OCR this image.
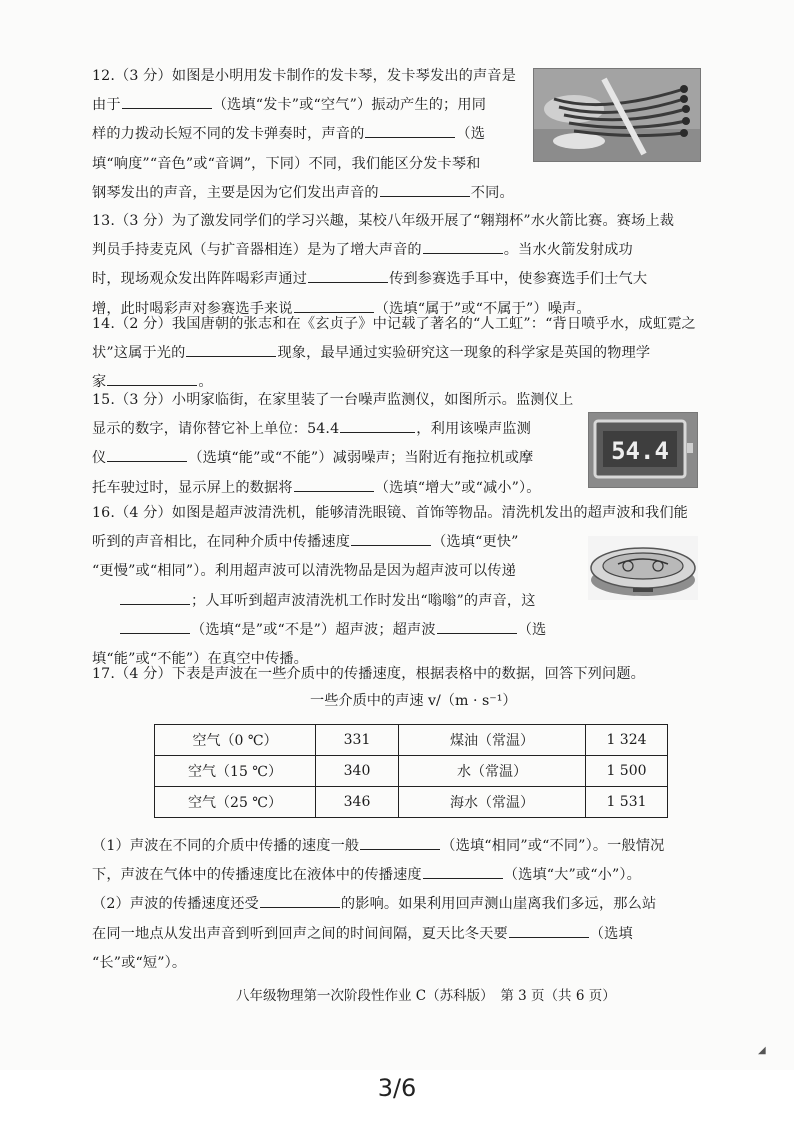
12.（3 分）如图是小明用发卡制作的发卡琴，发卡琴发出的声音是
由于	（选填“发卡”或“空气”）振动产生的；用同
样的力拨动长短不同的发卡弹奏时，声音的	（选
填“响度”“音色”或“音调”，下同）不同，我们能区分发卡琴和
钢琴发出的声音，主要是因为它们发出声音的	不同。
13.（3 分）为了激发同学们的学习兴趣，某校八年级开展了“翱翔杯”水火箭比赛。赛场上裁
判员手持麦克风（与扩音器相连）是为了增大声音的	。当水火箭发射成功
时，现场观众发出阵阵喝彩声通过	传到参赛选手耳中，使参赛选手们士气大
增，此时喝彩声对参赛选手来说	（选填“属于”或“不属于”）噪声。
14.（2 分）我国唐朝的张志和在《玄贞子》中记载了著名的“人工虹”：“背日喷乎水，成虹霓之
状”这属于光的	现象，最早通过实验研究这一现象的科学家是英国的物理学
家	。
15.（3 分）小明家临街，在家里装了一台噪声监测仪，如图所示。监测仪上
显示的数字，请你替它补上单位：54.4	，利用该噪声监测
仪	（选填“能”或“不能”）减弱噪声；当附近有拖拉机或摩
托车驶过时，显示屏上的数据将	（选填“增大”或“减小”）。
54.4
16.（4 分）如图是超声波清洗机，能够清洗眼镜、首饰等物品。清洗机发出的超声波和我们能
听到的声音相比，在同种介质中传播速度	（选填“更快”
“更慢”或“相同”）。利用超声波可以清洗物品是因为超声波可以传递
；人耳听到超声波清洗机工作时发出“嗡嗡”的声音，这
（选填“是”或“不是”）超声波；超声波	（选
填“能”或“不能”）在真空中传播。
17.（4 分）下表是声波在一些介质中的传播速度，根据表格中的数据，回答下列问题。
一些介质中的声速 v/（m · s⁻¹）
空气（0 ℃）	331	煤油（常温）	1 324
空气（15 ℃）	340	水（常温）	1 500
空气（25 ℃）	346	海水（常温）	1 531
（1）声波在不同的介质中传播的速度一般	（选填“相同”或“不同”）。一般情况
下，声波在气体中的传播速度比在液体中的传播速度	（选填“大”或“小”）。
（2）声波的传播速度还受	的影响。如果利用回声测山崖离我们多远，那么站
在同一地点从发出声音到听到回声之间的时间间隔，夏天比冬天要	（选填
“长”或“短”）。
八年级物理第一次阶段性作业 C（苏科版）　第 3 页（共 6 页）
◢
3/6
